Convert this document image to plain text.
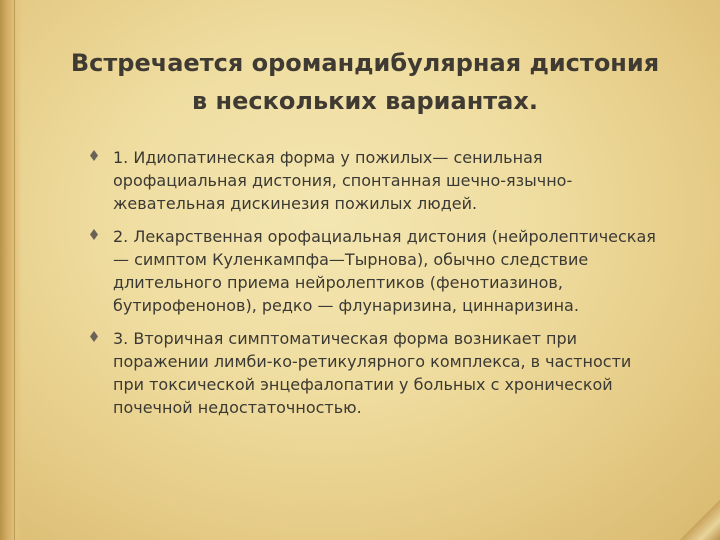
Встречается оромандибулярная дистония в нескольких вариантах.
1. Идиопатинеская форма у пожилых— сенильная орофациальная дистония, спонтанная шечно-язычно-жевательная дискинезия пожилых людей.
2. Лекарственная орофациальная дистония (нейролептическая — симптом Куленкампфа—Тырнова), обычно следствие длительного приема нейролептиков (фенотиазинов, бутирофенонов), редко — флунаризина, циннаризина.
3. Вторичная симптоматическая форма возникает при поражении лимби-ко-ретикулярного комплекса, в частности при токсической энцефалопатии у больных с хронической почечной недостаточностью.
